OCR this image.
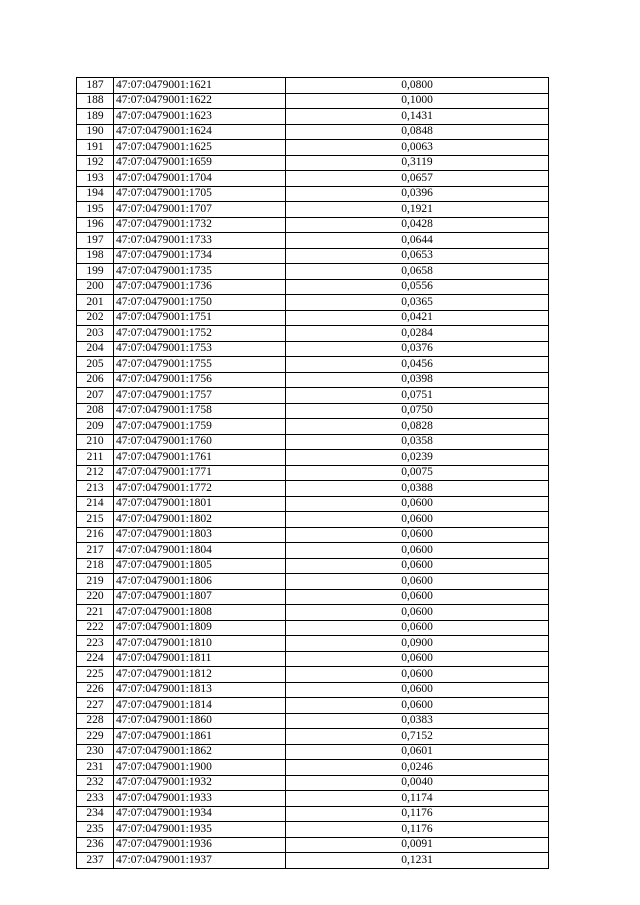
187	47:07:0479001:1621	0,0800
188	47:07:0479001:1622	0,1000
189	47:07:0479001:1623	0,1431
190	47:07:0479001:1624	0,0848
191	47:07:0479001:1625	0,0063
192	47:07:0479001:1659	0,3119
193	47:07:0479001:1704	0,0657
194	47:07:0479001:1705	0,0396
195	47:07:0479001:1707	0,1921
196	47:07:0479001:1732	0,0428
197	47:07:0479001:1733	0,0644
198	47:07:0479001:1734	0,0653
199	47:07:0479001:1735	0,0658
200	47:07:0479001:1736	0,0556
201	47:07:0479001:1750	0,0365
202	47:07:0479001:1751	0,0421
203	47:07:0479001:1752	0,0284
204	47:07:0479001:1753	0,0376
205	47:07:0479001:1755	0,0456
206	47:07:0479001:1756	0,0398
207	47:07:0479001:1757	0,0751
208	47:07:0479001:1758	0,0750
209	47:07:0479001:1759	0,0828
210	47:07:0479001:1760	0,0358
211	47:07:0479001:1761	0,0239
212	47:07:0479001:1771	0,0075
213	47:07:0479001:1772	0,0388
214	47:07:0479001:1801	0,0600
215	47:07:0479001:1802	0,0600
216	47:07:0479001:1803	0,0600
217	47:07:0479001:1804	0,0600
218	47:07:0479001:1805	0,0600
219	47:07:0479001:1806	0,0600
220	47:07:0479001:1807	0,0600
221	47:07:0479001:1808	0,0600
222	47:07:0479001:1809	0,0600
223	47:07:0479001:1810	0,0900
224	47:07:0479001:1811	0,0600
225	47:07:0479001:1812	0,0600
226	47:07:0479001:1813	0,0600
227	47:07:0479001:1814	0,0600
228	47:07:0479001:1860	0,0383
229	47:07:0479001:1861	0,7152
230	47:07:0479001:1862	0,0601
231	47:07:0479001:1900	0,0246
232	47:07:0479001:1932	0,0040
233	47:07:0479001:1933	0,1174
234	47:07:0479001:1934	0,1176
235	47:07:0479001:1935	0,1176
236	47:07:0479001:1936	0,0091
237	47:07:0479001:1937	0,1231
